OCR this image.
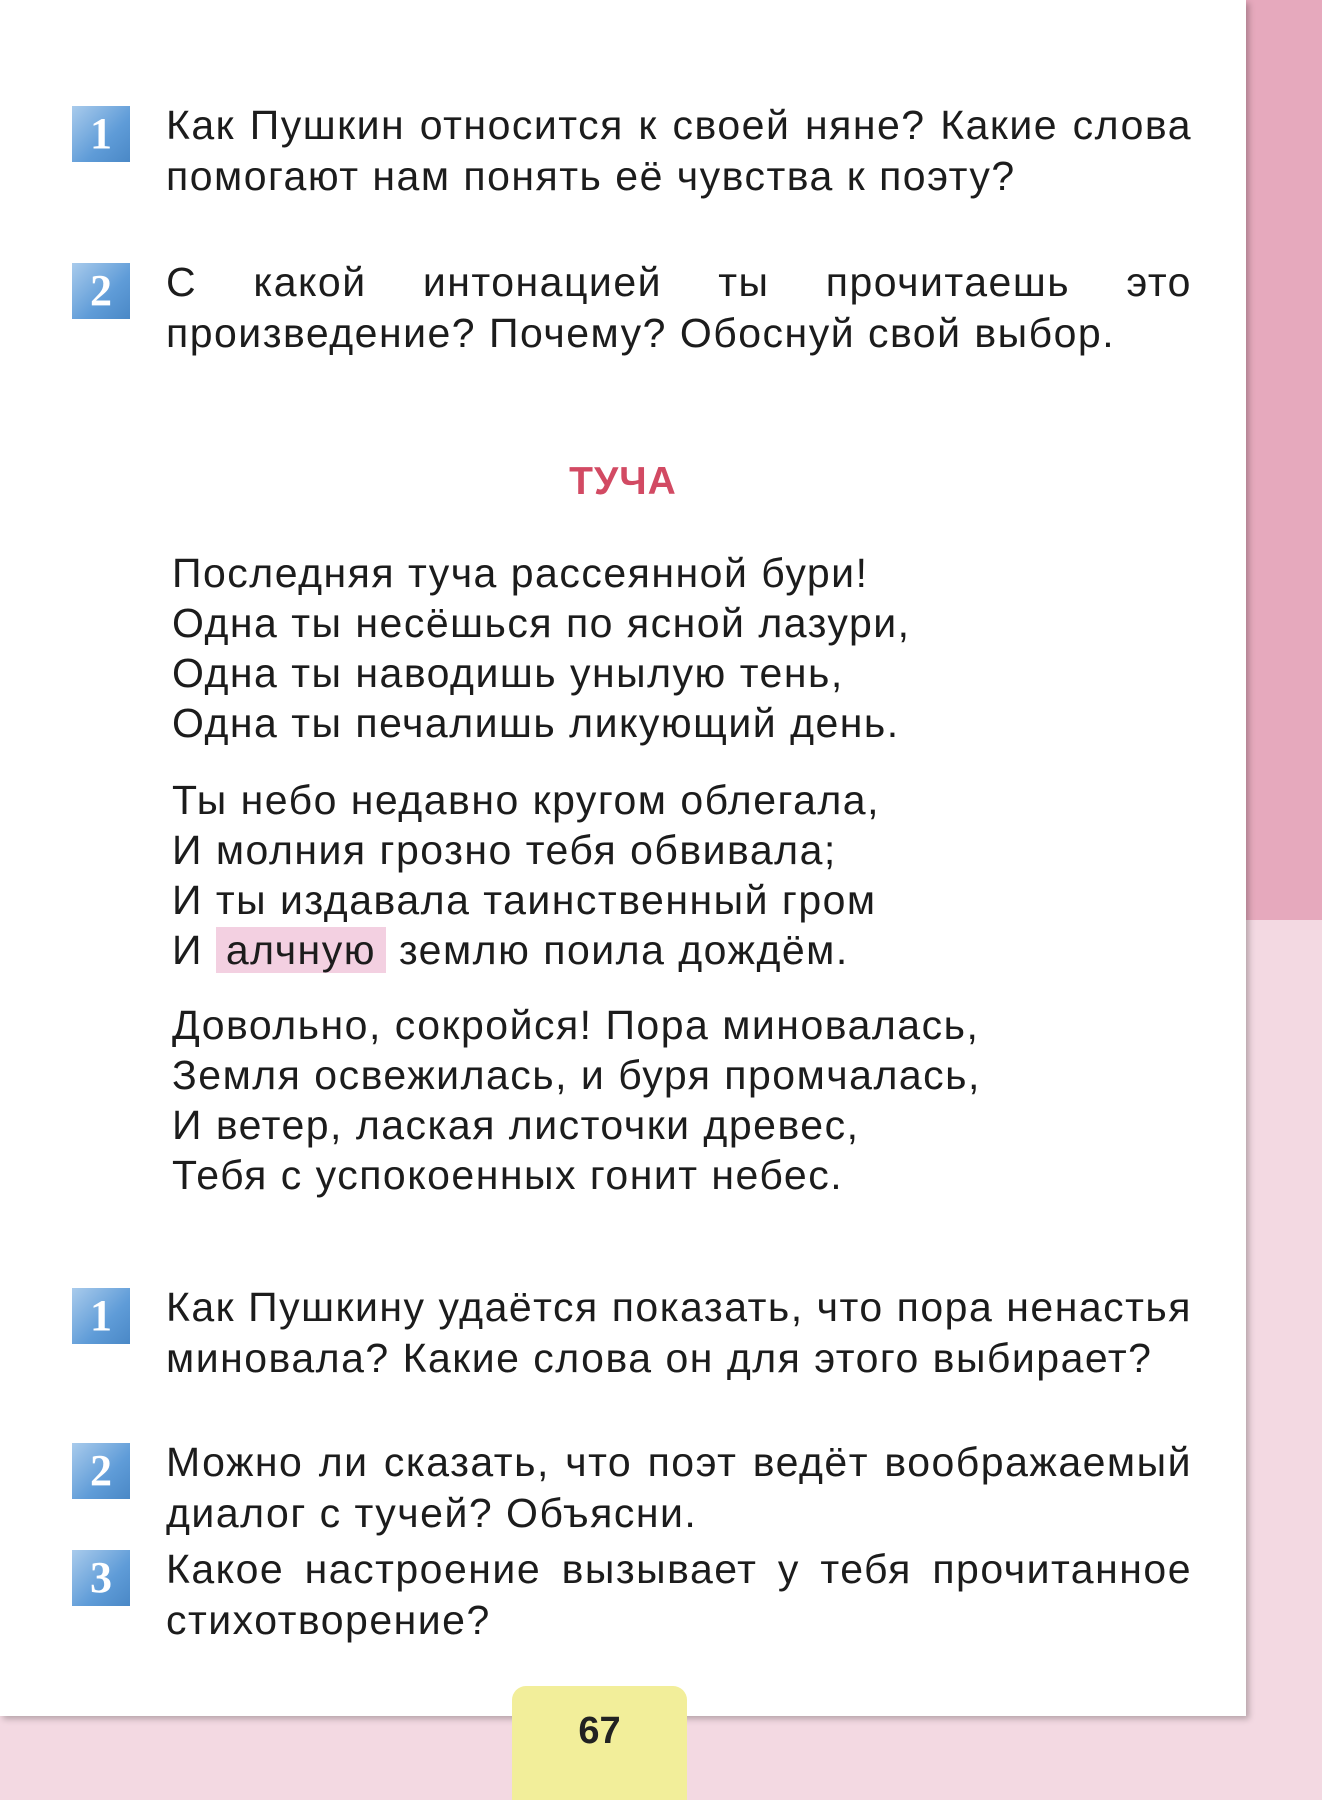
1	Как Пушкин относится к своей няне? Какие слова помогают нам понять её чувства к поэту?
2	С какой интонацией ты прочитаешь это произведение? Почему? Обоснуй свой выбор.
ТУЧА
Последняя туча рассеянной бури!
Одна ты несёшься по ясной лазури,
Одна ты наводишь унылую тень,
Одна ты печалишь ликующий день.
Ты небо недавно кругом облегала,
И молния грозно тебя обвивала;
И ты издавала таинственный гром
И алчную землю поила дождём.
Довольно, сокройся! Пора миновалась,
Земля освежилась, и буря промчалась,
И ветер, лаская листочки древес,
Тебя с успокоенных гонит небес.
1	Как Пушкину удаётся показать, что пора ненастья миновала? Какие слова он для этого выбирает?
2	Можно ли сказать, что поэт ведёт воображаемый диалог с тучей? Объясни.
3	Какое настроение вызывает у тебя прочитанное стихотворение?
67
